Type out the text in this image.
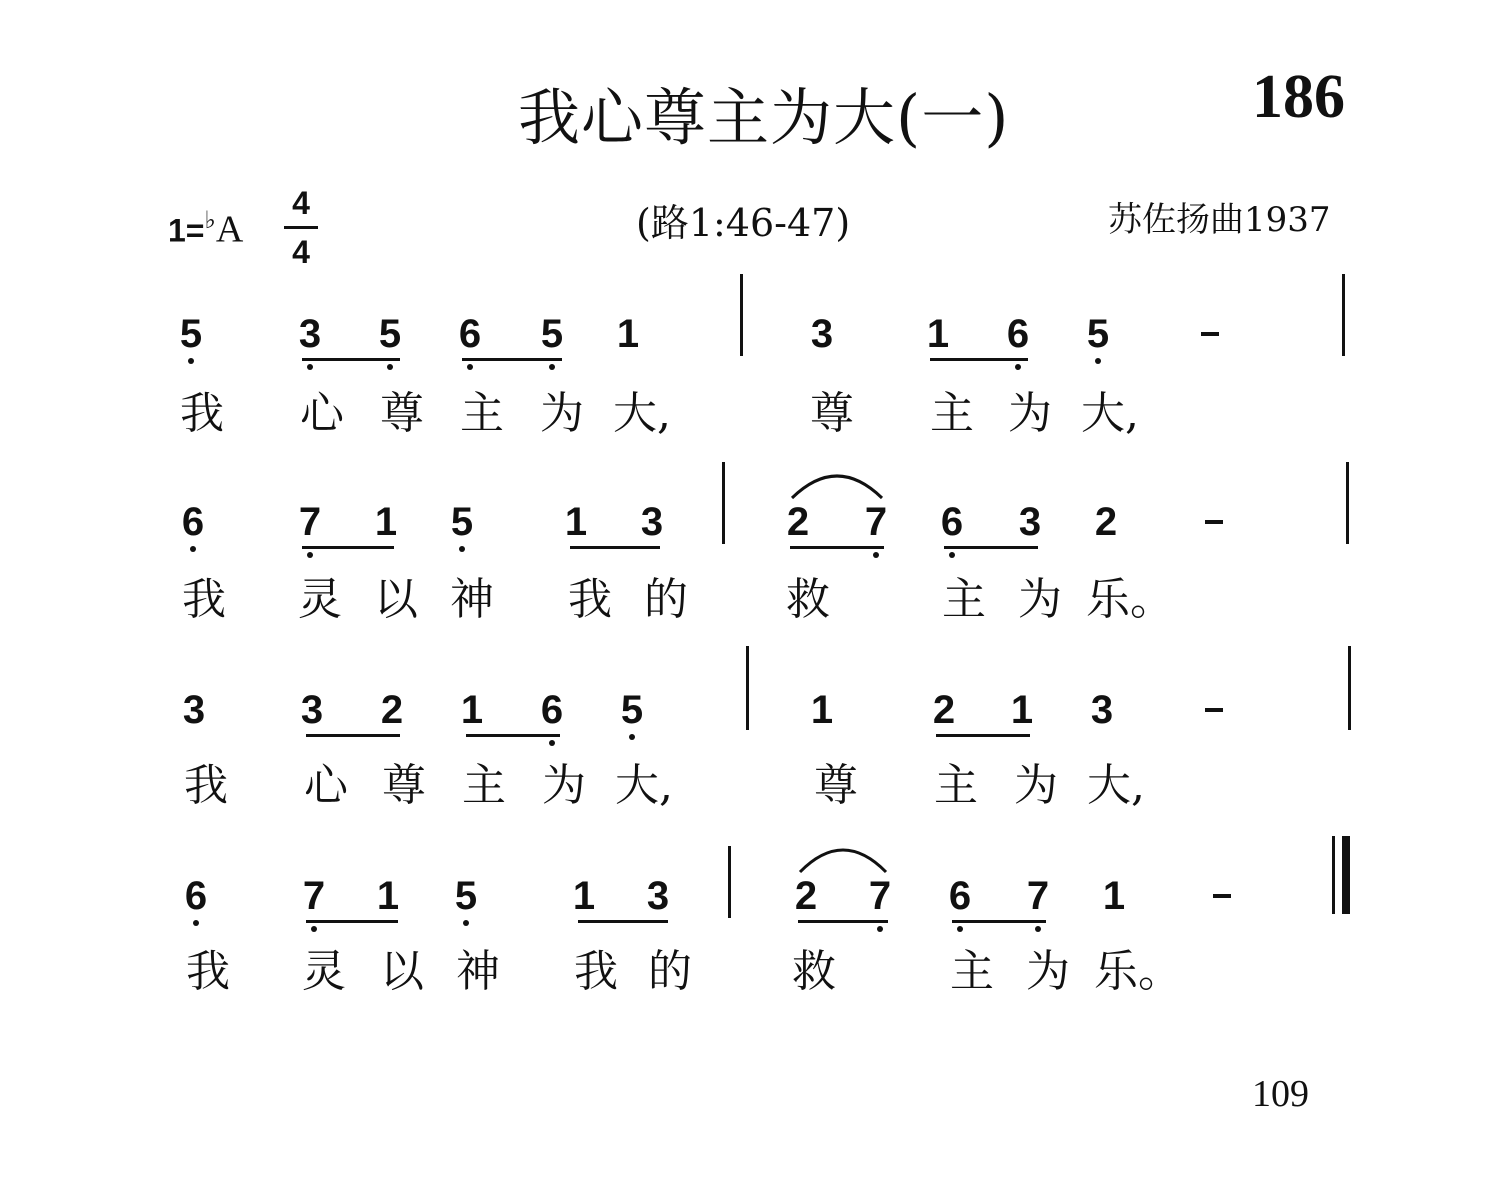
我心尊主为大(一)	186
1=♭A
4
4
(路1:46-47)	苏佐扬曲1937
5 3 5 6 5 1	3 1 6 5
我 心 尊 主 为 大,	尊 主 为 大,
6 7 1 5 1 3	2 7 6 3 2
我 灵 以 神 我 的 救	主 为 乐。
3 3 2 1 6 5	1 2 1 3
我 心 尊 主 为 大,	尊 主 为 大,
6 7 1 5 1 3	2 7 6 7 1
我 灵 以 神 我 的 救	主 为 乐。
109
